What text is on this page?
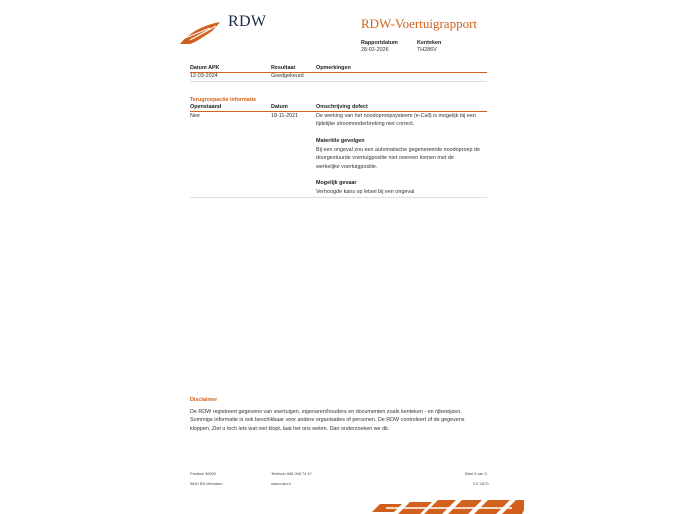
RDW	RDW-Voertuigrapport
Rapportdatum
28-02-2026
Kenteken
TH286V
Datum APK	Resultaat	Opmerkingen
12-03-2024	Goedgekeurd
Terugroepactie informatie
Openstaand	Datum	Omschrijving defect
Nee	18-11-2021	De werking van het noodoproepsysteem (e-Call) is mogelijk bij een
tijdelijke stroomonderbreking niet correct.
Materiële gevolgen
Bij een ongeval zou een automatische gegenereerde noodoproep de
doorgestuurde voertuigpositie niet overeen komen met de
werkelijke voertuigpositie.
Mogelijk gevaar
Verhoogde kans op letsel bij een ongeval
Disclaimer
De RDW registreert gegevens van voertuigen, eigenaren/houders en documenten zoals kenteken - en rijbewijzen.
Sommige informatie is ook beschikbaar voor andere organisaties of personen. De RDW controleert of de gegevens
kloppen. Ziet u toch iets wat niet klopt, laat het ons weten. Dan onderzoeken we dit.
Postbus 30000
9640 RA Veendam
Telefoon 088 008 74 47
www.rdw.nl
Blad 3 van 3
2.E 1670
